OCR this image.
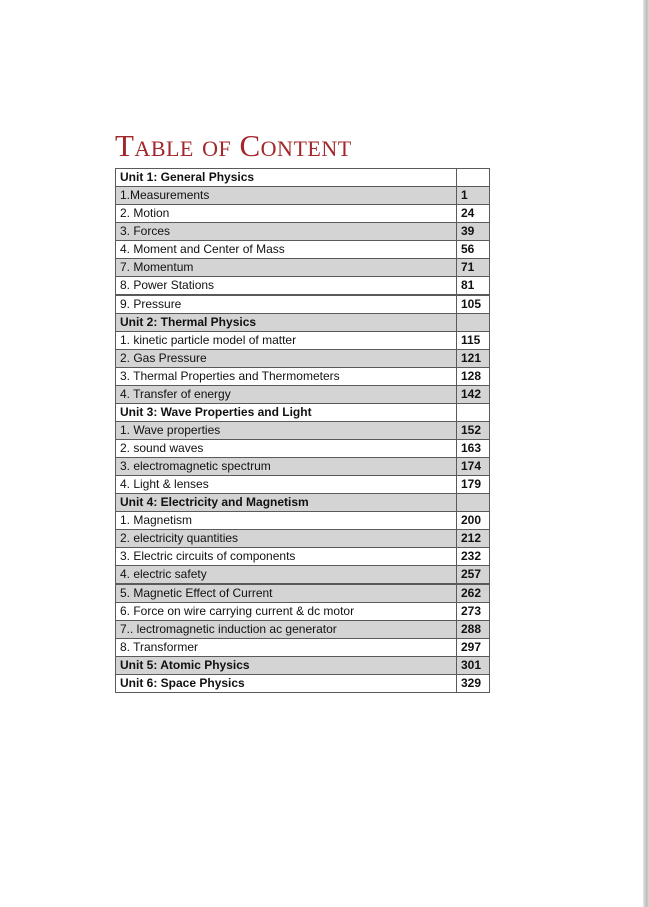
Table of Content
Unit 1: General Physics	
1.Measurements	1
2. Motion	24
3. Forces	39
4. Moment and Center of Mass	56
7. Momentum	71
8. Power Stations	81
9. Pressure	105
Unit 2: Thermal Physics	
1. kinetic particle model of matter	115
2. Gas Pressure	121
3. Thermal Properties and Thermometers	128
4. Transfer of energy	142
Unit 3: Wave Properties and Light	
1. Wave properties	152
2. sound waves	163
3. electromagnetic spectrum	174
4. Light & lenses	179
Unit 4: Electricity and Magnetism	
1. Magnetism	200
2. electricity quantities	212
3. Electric circuits of components	232
4. electric safety	257
5. Magnetic Effect of Current	262
6. Force on wire carrying current & dc motor	273
7.. lectromagnetic induction ac generator	288
8. Transformer	297
Unit 5: Atomic Physics	301
Unit 6: Space Physics	329
